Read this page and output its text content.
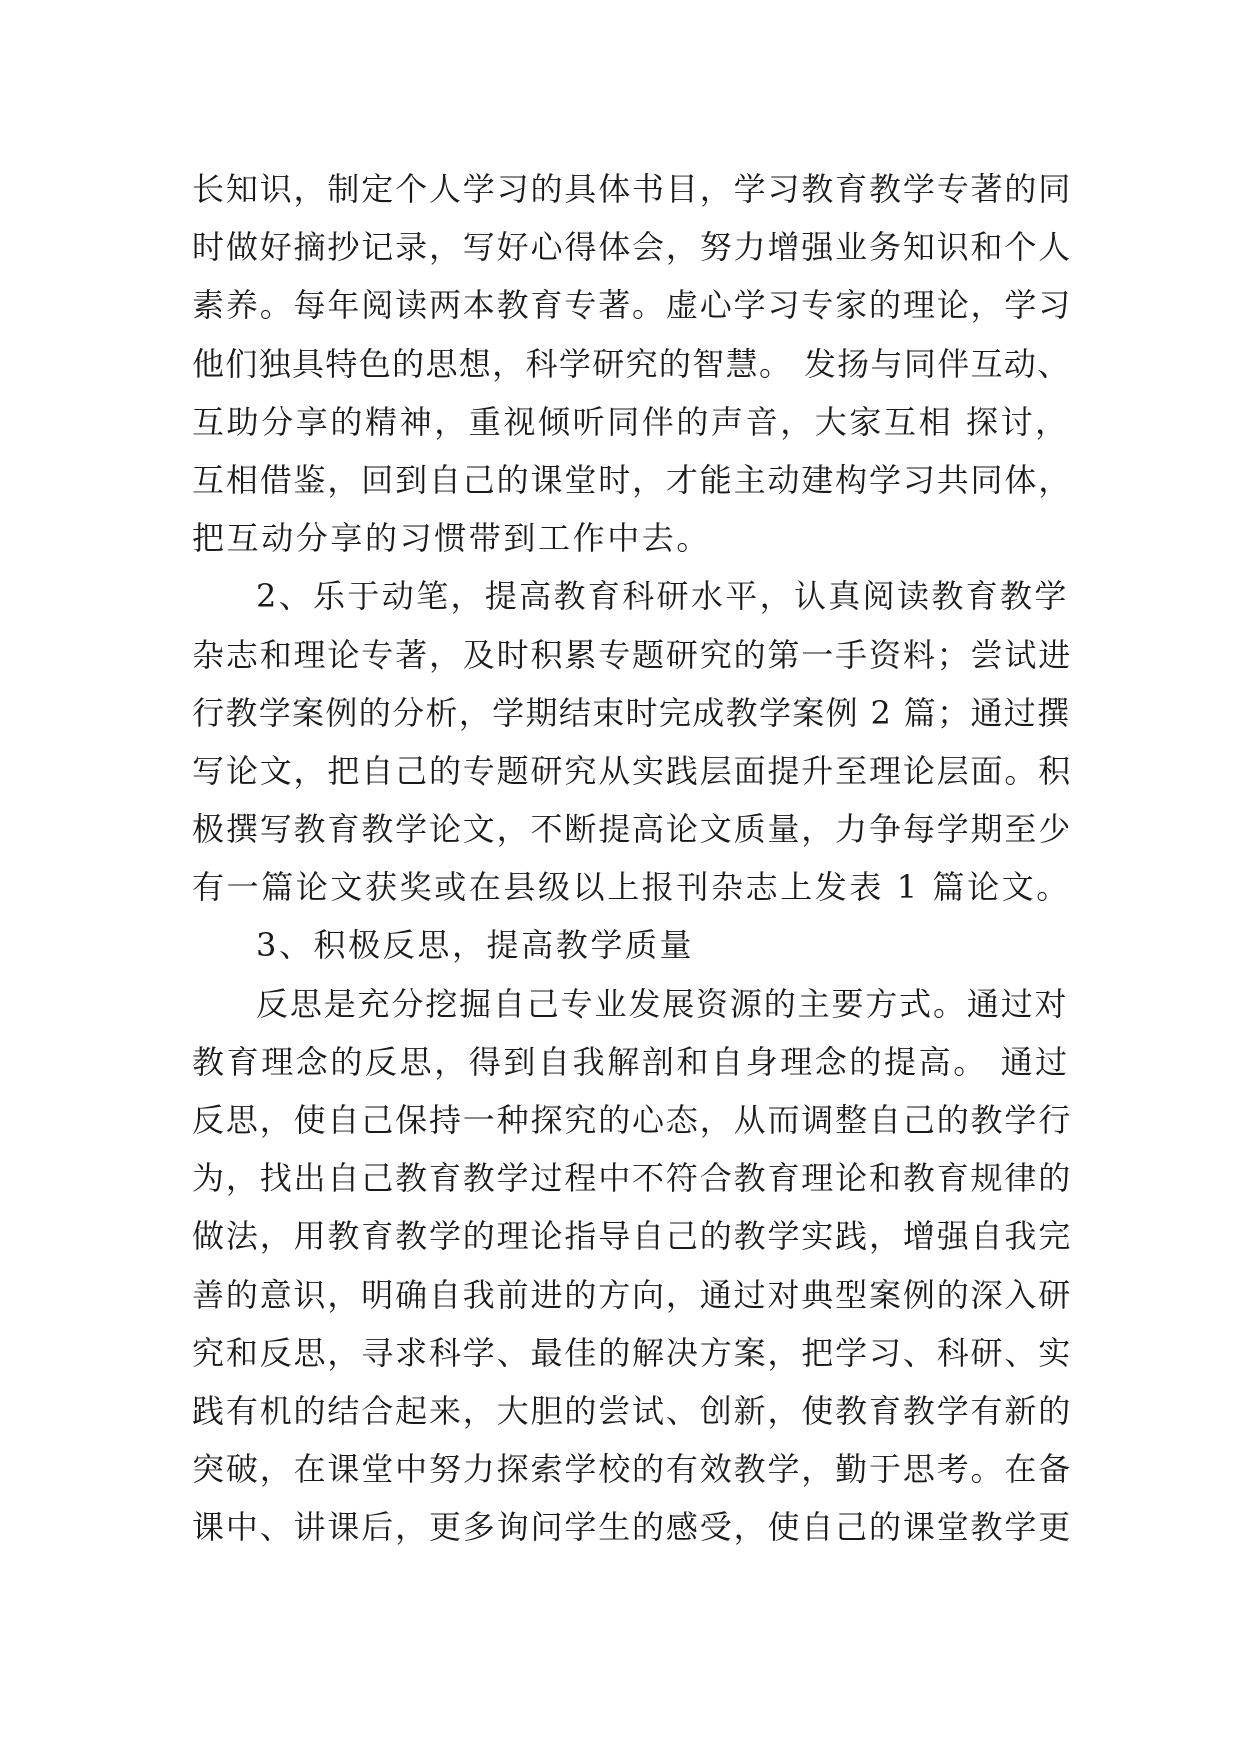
长知识，制定个人学习的具体书目，学习教育教学专著的同
时做好摘抄记录，写好心得体会，努力增强业务知识和个人
素养。每年阅读两本教育专著。虚心学习专家的理论，学习
他们独具特色的思想，科学研究的智慧。 发扬与同伴互动、
互助分享的精神，重视倾听同伴的声音，大家互相 探讨，
互相借鉴，回到自己的课堂时，才能主动建构学习共同体，
把互动分享的习惯带到工作中去。
2、乐于动笔，提高教育科研水平，认真阅读教育教学
杂志和理论专著，及时积累专题研究的第一手资料；尝试进
行教学案例的分析，学期结束时完成教学案例 2 篇；通过撰
写论文，把自己的专题研究从实践层面提升至理论层面。积
极撰写教育教学论文，不断提高论文质量，力争每学期至少
有一篇论文获奖或在县级以上报刊杂志上发表 1 篇论文。
3、积极反思，提高教学质量
反思是充分挖掘自己专业发展资源的主要方式。通过对
教育理念的反思，得到自我解剖和自身理念的提高。 通过
反思，使自己保持一种探究的心态，从而调整自己的教学行
为，找出自己教育教学过程中不符合教育理论和教育规律的
做法，用教育教学的理论指导自己的教学实践，增强自我完
善的意识，明确自我前进的方向，通过对典型案例的深入研
究和反思，寻求科学、最佳的解决方案，把学习、科研、实
践有机的结合起来，大胆的尝试、创新，使教育教学有新的
突破，在课堂中努力探索学校的有效教学，勤于思考。在备
课中、讲课后，更多询问学生的感受，使自己的课堂教学更
